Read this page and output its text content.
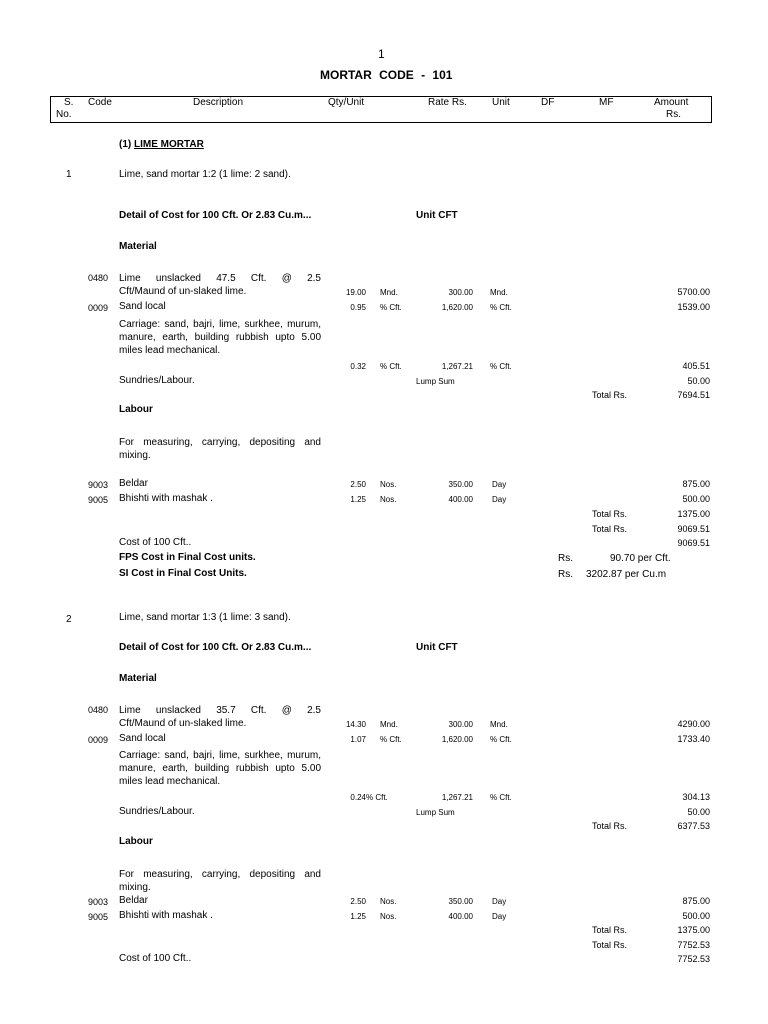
1
MORTAR CODE - 101
S.
No.
Code	Description	Qty/Unit	Rate Rs.	Unit	DF	MF	Amount
Rs.
(1) LIME MORTAR
1	Lime, sand mortar 1:2 (1 lime: 2 sand).
Detail of Cost for 100 Cft. Or 2.83 Cu.m...	Unit CFT
Material
0480 Lime unslacked 47.5 Cft. @ 2.5
Cft/Maund of un-slaked lime.	19.00 Mnd.	300.00 Mnd.	5700.00
0009 Sand local	0.95 % Cft.	1,620.00 % Cft.	1539.00
Carriage: sand, bajri, lime, surkhee, murum, manure, earth, building rubbish upto 5.00 miles lead mechanical.
0.32 % Cft.	1,267.21 % Cft.	405.51
Sundries/Labour.	Lump Sum	50.00
Total Rs.	7694.51
Labour
For measuring, carrying, depositing and mixing.
9003 Beldar	2.50 Nos.	350.00 Day	875.00
9005 Bhishti with mashak .	1.25 Nos.	400.00 Day	500.00
Total Rs.	1375.00
Total Rs.	9069.51
Cost of 100 Cft..	9069.51
FPS Cost in Final Cost units.	Rs.	90.70 per Cft.
SI Cost in Final Cost Units.	Rs. 3202.87 per Cu.m
2	Lime, sand mortar 1:3 (1 lime: 3 sand).
Detail of Cost for 100 Cft. Or 2.83 Cu.m...	Unit CFT
Material
0480 Lime unslacked 35.7 Cft. @ 2.5
Cft/Maund of un-slaked lime.	14.30 Mnd.	300.00 Mnd.	4290.00
0009 Sand local	1.07 % Cft.	1,620.00 % Cft.	1733.40
Carriage: sand, bajri, lime, surkhee, murum, manure, earth, building rubbish upto 5.00 miles lead mechanical.
0.24 % Cft.	1,267.21 % Cft.	304.13
Sundries/Labour.	Lump Sum	50.00
Total Rs.	6377.53
Labour
For measuring, carrying, depositing and mixing.
9003 Beldar	2.50 Nos.	350.00 Day	875.00
9005 Bhishti with mashak .	1.25 Nos.	400.00 Day	500.00
Total Rs.	1375.00
Total Rs.	7752.53
Cost of 100 Cft..	7752.53
